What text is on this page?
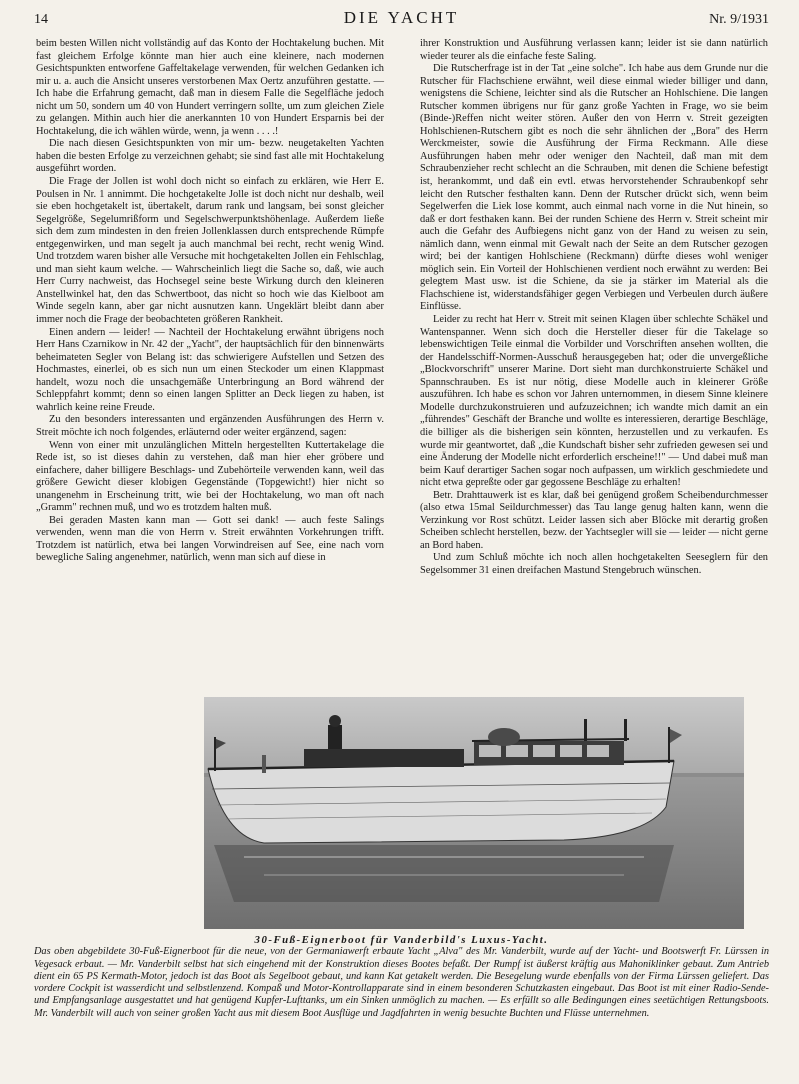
14	DIE YACHT	Nr. 9/1931

beim besten Willen nicht vollständig auf das Konto der Hochtakelung buchen. Mit fast gleichem Erfolge könnte man hier auch eine kleinere, nach modernen Gesichtspunkten entworfene Gaffeltakelage verwenden, für welchen Gedanken ich mir u. a. auch die Ansicht unseres verstorbenen Max Oertz anzuführen gestatte. — Ich habe die Erfahrung gemacht, daß man in diesem Falle die Segelfläche jedoch nicht um 50, sondern um 40 von Hundert verringern sollte, um zum gleichen Ziele zu gelangen. Mithin auch hier die anerkannten 10 von Hundert Ersparnis bei der Hochtakelung, die ich wählen würde, wenn, ja wenn . . . .!

Die nach diesen Gesichtspunkten von mir um- bezw. neugetakelten Yachten haben die besten Erfolge zu verzeichnen gehabt; sie sind fast alle mit Hochtakelung ausgeführt worden.

Die Frage der Jollen ist wohl doch nicht so einfach zu erklären, wie Herr E. Poulsen in Nr. 1 annimmt. Die hochgetakelte Jolle ist doch nicht nur deshalb, weil sie eben hochgetakelt ist, übertakelt, darum rank und langsam, bei sonst gleicher Segelgröße, Segelumrißform und Segelschwerpunktshöhenlage. Außerdem ließe sich dem zum mindesten in den freien Jollenklassen durch entsprechende Rümpfe entgegenwirken, und man segelt ja auch manchmal bei recht, recht wenig Wind. Und trotzdem waren bisher alle Versuche mit hochgetakelten Jollen ein Fehlschlag, und man sieht kaum welche. — Wahrscheinlich liegt die Sache so, daß, wie auch Herr Curry nachweist, das Hochsegel seine beste Wirkung durch den kleineren Anstellwinkel hat, den das Schwertboot, das nicht so hoch wie das Kielboot am Winde segeln kann, aber gar nicht ausnutzen kann. Ungeklärt bleibt dann aber immer noch die Frage der beobachteten größeren Rankheit.

Einen andern — leider! — Nachteil der Hochtakelung erwähnt übrigens noch Herr Hans Czarnikow in Nr. 42 der „Yacht", der hauptsächlich für den binnenwärts beheimateten Segler von Belang ist: das schwierigere Aufstellen und Setzen des Hochmastes, einerlei, ob es sich nun um einen Steckoder um einen Klappmast handelt, wozu noch die unsachgemäße Unterbringung an Bord während der Schleppfahrt kommt; denn so einen langen Splitter an Deck liegen zu haben, ist wahrlich keine reine Freude.

Zu den besonders interessanten und ergänzenden Ausführungen des Herrn v. Streit möchte ich noch folgendes, erläuternd oder weiter ergänzend, sagen:

Wenn von einer mit unzulänglichen Mitteln hergestellten Kuttertakelage die Rede ist, so ist dieses dahin zu verstehen, daß man hier eher gröbere und einfachere, daher billigere Beschlags- und Zubehörteile verwenden kann, weil das größere Gewicht dieser klobigen Gegenstände (Topgewicht!) hier nicht so unangenehm in Erscheinung tritt, wie bei der Hochtakelung, wo man oft nach „Gramm" rechnen muß, und wo es trotzdem halten muß.

Bei geraden Masten kann man — Gott sei dank! — auch feste Salings verwenden, wenn man die von Herrn v. Streit erwähnten Vorkehrungen trifft. Trotzdem ist natürlich, etwa bei langen Vorwindreisen auf See, eine nach vorn bewegliche Saling angenehmer, natürlich, wenn man sich auf diese in

ihrer Konstruktion und Ausführung verlassen kann; leider ist sie dann natürlich wieder teurer als die einfache feste Saling.

Die Rutscherfrage ist in der Tat „eine solche". Ich habe aus dem Grunde nur die Rutscher für Flachschiene erwähnt, weil diese einmal wieder billiger und dann, wenigstens die Schiene, leichter sind als die Rutscher an Hohlschiene. Die langen Rutscher kommen übrigens nur für ganz große Yachten in Frage, wo sie beim (Binde-)Reffen nicht weiter stören. Außer den von Herrn v. Streit gezeigten Hohlschienen-Rutschern gibt es noch die sehr ähnlichen der „Bora" des Herrn Werckmeister, sowie die Ausführung der Firma Reckmann. Alle diese Ausführungen haben mehr oder weniger den Nachteil, daß man mit dem Schraubenzieher recht schlecht an die Schrauben, mit denen die Schiene befestigt ist, herankommt, und daß ein evtl. etwas hervorstehender Schraubenkopf sehr leicht den Rutscher festhalten kann. Denn der Rutscher drückt sich, wenn beim Segelwerfen die Liek lose kommt, auch einmal nach vorne in die Nut hinein, so daß er dort festhaken kann. Bei der runden Schiene des Herrn v. Streit scheint mir auch die Gefahr des Aufbiegens nicht ganz von der Hand zu weisen zu sein, nämlich dann, wenn einmal mit Gewalt nach der Seite an dem Rutscher gezogen wird; bei der kantigen Hohlschiene (Reckmann) dürfte dieses wohl weniger möglich sein. Ein Vorteil der Hohlschienen verdient noch erwähnt zu werden: Bei gelegtem Mast usw. ist die Schiene, da sie ja stärker im Material als die Flachschiene ist, widerstandsfähiger gegen Verbiegen und Verbeulen durch äußere Einflüsse.

Leider zu recht hat Herr v. Streit mit seinen Klagen über schlechte Schäkel und Wantenspanner. Wenn sich doch die Hersteller dieser für die Takelage so lebenswichtigen Teile einmal die Vorbilder und Vorschriften ansehen wollten, die der Handelsschiff-Normen-Ausschuß herausgegeben hat; oder die unvergeßliche „Blockvorschrift" unserer Marine. Dort sieht man durchkonstruierte Schäkel und Spannschrauben. Es ist nur nötig, diese Modelle auch in kleinerer Größe auszuführen. Ich habe es schon vor Jahren unternommen, in diesem Sinne kleinere Modelle durchzukonstruieren und aufzuzeichnen; ich wandte mich damit an ein „führendes" Geschäft der Branche und wollte es interessieren, derartige Beschläge, die billiger als die bisherigen sein könnten, herzustellen und zu verkaufen. Es wurde mir geantwortet, daß „die Kundschaft bisher sehr zufrieden gewesen sei und eine Änderung der Modelle nicht erforderlich erscheine!!" — Und dabei muß man beim Kauf derartiger Sachen sogar noch aufpassen, um wirklich geschmiedete und nicht etwa gepreßte oder gar gegossene Beschläge zu erhalten!

Betr. Drahttauwerk ist es klar, daß bei genügend großem Scheibendurchmesser (also etwa 15mal Seildurchmesser) das Tau lange genug halten kann, wenn die Verzinkung vor Rost schützt. Leider lassen sich aber Blöcke mit derartig großen Scheiben schlecht herstellen, bezw. der Yachtsegler will sie — leider — nicht gerne an Bord haben.

Und zum Schluß möchte ich noch allen hochgetakelten Seeseglern für den Segelsommer 31 einen dreifachen Mastund Stengebruch wünschen.

30-Fuß-Eignerboot für Vanderbild's Luxus-Yacht.
Das oben abgebildete 30-Fuß-Eignerboot für die neue, von der Germaniawerft erbaute Yacht „Alva" des Mr. Vanderbilt, wurde auf der Yacht- und Bootswerft Fr. Lürssen in Vegesack erbaut. — Mr. Vanderbilt selbst hat sich eingehend mit der Konstruktion dieses Bootes befaßt. Der Rumpf ist äußerst kräftig aus Mahoniklinker gebaut. Zum Antrieb dient ein 65 PS Kermath-Motor, jedoch ist das Boot als Segelboot gebaut, und kann Kat getakelt werden. Die Besegelung wurde ebenfalls von der Firma Lürssen geliefert. Das vordere Cockpit ist wasserdicht und selbstlenzend. Kompaß und Motor-Kontrollapparate sind in einem besonderen Schutzkasten eingebaut. Das Boot ist mit einer Radio-Sende- und Empfangsanlage ausgestattet und hat genügend Kupfer-Lufttanks, um ein Sinken unmöglich zu machen. — Es erfüllt so alle Bedingungen eines seetüchtigen Rettungsboots. Mr. Vanderbilt will auch von seiner großen Yacht aus mit diesem Boot Ausflüge und Jagdfahrten in wenig besuchte Buchten und Flüsse unternehmen.
